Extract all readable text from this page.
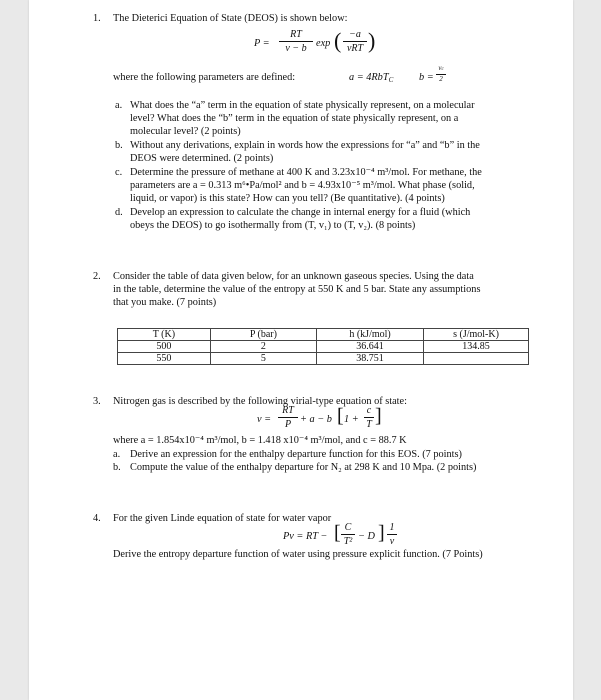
1. The Dieterici Equation of State (DEOS) is shown below:
P =
RT
v − b exp ( −a
vRT )
where the following parameters are defined:	a = 4RbT$_C$	b =
vc
2
a. What does the “a” term in the equation of state physically represent, on a molecular
level? What does the “b” term in the equation of state physically represent, on a
molecular level? (2 points)
b. Without any derivations, explain in words how the expressions for “a” and “b” in the
DEOS were determined. (2 points)
c. Determine the pressure of methane at 400 K and 3.23x10⁻⁴ m³/mol. For methane, the
parameters are a = 0.313 m⁶•Pa/mol² and b = 4.93x10⁻⁵ m³/mol. What phase (solid,
liquid, or vapor) is this state? How can you tell? (Be quantitative). (4 points)
d. Develop an expression to calculate the change in internal energy for a fluid (which
obeys the DEOS) to go isothermally from (T, v₁) to (T, v₂). (8 points)
2. Consider the table of data given below, for an unknown gaseous species. Using the data
in the table, determine the value of the entropy at 550 K and 5 bar. State any assumptions
that you make. (7 points)
T (K)	P (bar)	h (kJ/mol)	s (J/mol-K)
500	2	36.641	134.85
550	5	38.751	
3. Nitrogen gas is described by the following virial-type equation of state:
v =
RT
P + a − b [ 1 +
c
T ]
where a = 1.854x10⁻⁴ m³/mol, b = 1.418 x10⁻⁴ m³/mol, and c = 88.7 K
a. Derive an expression for the enthalpy departure function for this EOS. (7 points)
b. Compute the value of the enthalpy departure for N₂ at 298 K and 10 Mpa. (2 points)
4. For the given Linde equation of state for water vapor
Pv = RT − [ C
T² − D ] 1
v
Derive the entropy departure function of water using pressure explicit function. (7 Points)
